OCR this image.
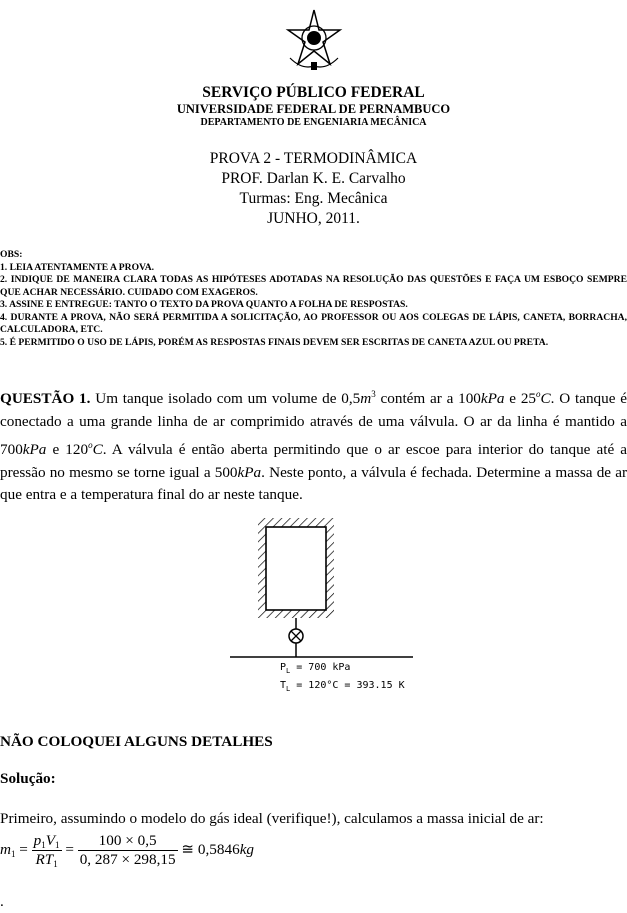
SERVIÇO PÚBLICO FEDERAL
UNIVERSIDADE FEDERAL DE PERNAMBUCO
DEPARTAMENTO DE ENGENIARIA MECÂNICA
PROVA 2 - TERMODINÂMICA
PROF. Darlan K. E. Carvalho
Turmas: Eng. Mecânica
JUNHO, 2011.
OBS:
1. LEIA ATENTAMENTE A PROVA.
2. INDIQUE DE MANEIRA CLARA TODAS AS HIPÓTESES ADOTADAS NA RESOLUÇÃO DAS QUESTÕES E FAÇA UM ESBOÇO SEMPRE QUE ACHAR NECESSÁRIO. CUIDADO COM EXAGEROS.
3. ASSINE E ENTREGUE: TANTO O TEXTO DA PROVA QUANTO A FOLHA DE RESPOSTAS.
4. DURANTE A PROVA, NÃO SERÁ PERMITIDA A SOLICITAÇÃO, AO PROFESSOR OU AOS COLEGAS DE LÁPIS, CANETA, BORRACHA, CALCULADORA, ETC.
5. É PERMITIDO O USO DE LÁPIS, PORÉM AS RESPOSTAS FINAIS DEVEM SER ESCRITAS DE CANETA AZUL OU PRETA.
QUESTÃO 1. Um tanque isolado com um volume de $0,5m^3$ contém ar a 100kPa e 25$^o$C. O tanque é conectado a uma grande linha de ar comprimido através de uma válvula. O ar da linha é mantido a 700kPa e 120$^o$C. A válvula é então aberta permitindo que o ar escoe para interior do tanque até a pressão no mesmo se torne igual a 500kPa. Neste ponto, a válvula é fechada. Determine a massa de ar que entra e a temperatura final do ar neste tanque.
$P_L = 700$ kPa
$T_L = 120^\circ C = 393.15$ K
NÃO COLOQUEI ALGUNS DETALHES
Solução:
Primeiro, assumindo o modelo do gás ideal (verifique!), calculamos a massa inicial de ar:
$m_1 = \frac{p_1V_1}{RT_1} = \frac{100 \times 0,5}{0, 287 \times 298,15}$ ≅ 0,5846kg
.
